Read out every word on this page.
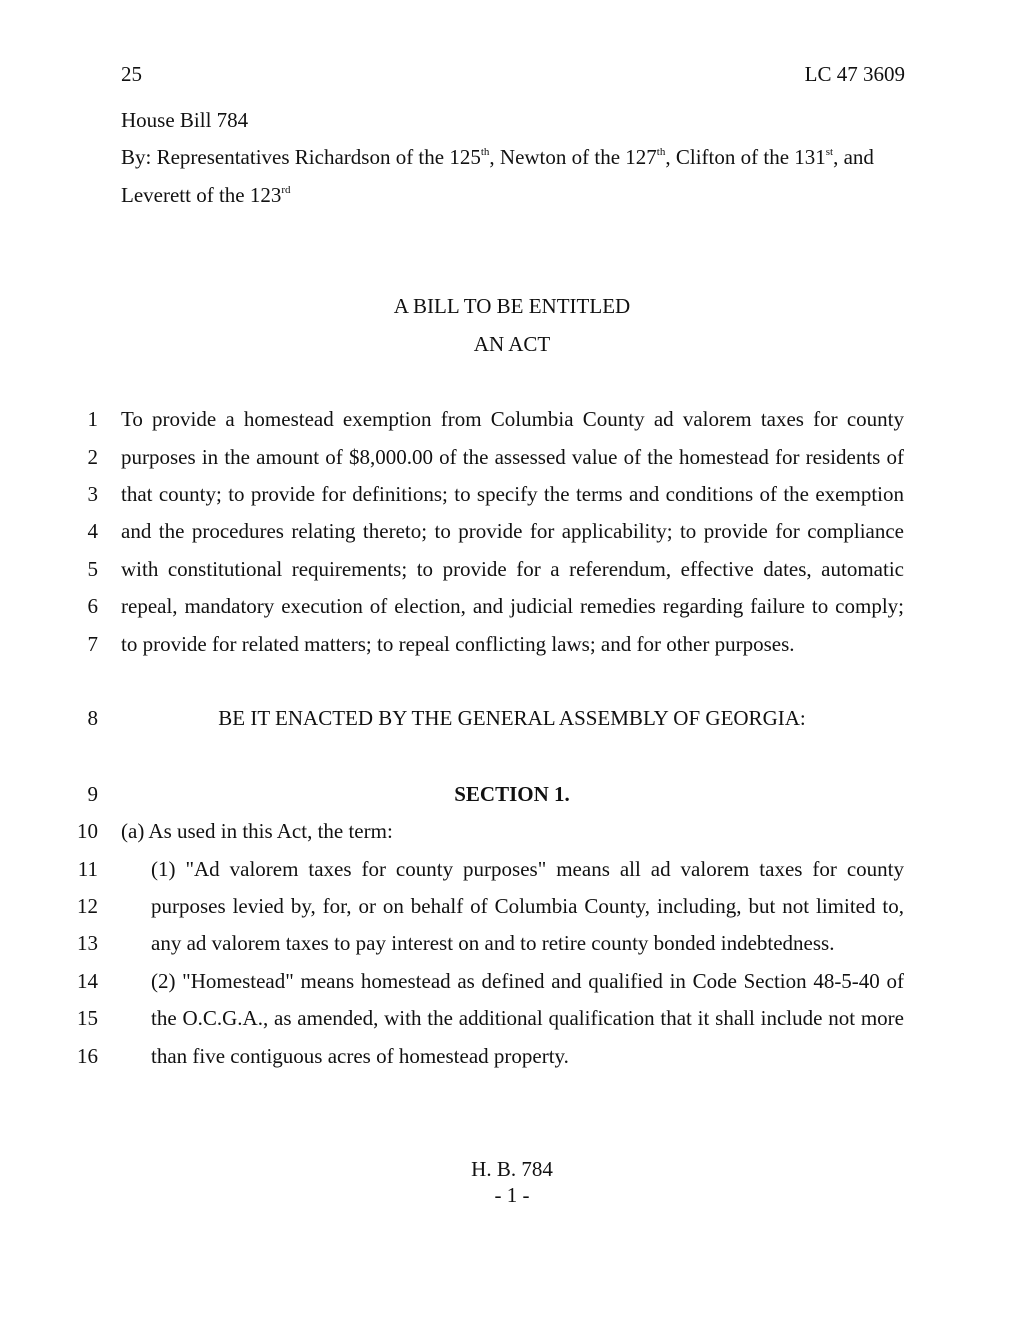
25	LC 47 3609
House Bill 784
By: Representatives Richardson of the 125th, Newton of the 127th, Clifton of the 131st, and
Leverett of the 123rd
A BILL TO BE ENTITLED
AN ACT
1
2
3
4
5
6
7
8
9
10
11
12
13
14
15
16
To provide a homestead exemption from Columbia County ad valorem taxes for county
purposes in the amount of $8,000.00 of the assessed value of the homestead for residents of
that county; to provide for definitions; to specify the terms and conditions of the exemption
and the procedures relating thereto; to provide for applicability; to provide for compliance
with constitutional requirements; to provide for a referendum, effective dates, automatic
repeal, mandatory execution of election, and judicial remedies regarding failure to comply;
to provide for related matters; to repeal conflicting laws; and for other purposes.
BE IT ENACTED BY THE GENERAL ASSEMBLY OF GEORGIA:
SECTION 1.
(a) As used in this Act, the term:
(1) "Ad valorem taxes for county purposes" means all ad valorem taxes for county
purposes levied by, for, or on behalf of Columbia County, including, but not limited to,
any ad valorem taxes to pay interest on and to retire county bonded indebtedness.
(2) "Homestead" means homestead as defined and qualified in Code Section 48-5-40 of
the O.C.G.A., as amended, with the additional qualification that it shall include not more
than five contiguous acres of homestead property.
H. B. 784
- 1 -
